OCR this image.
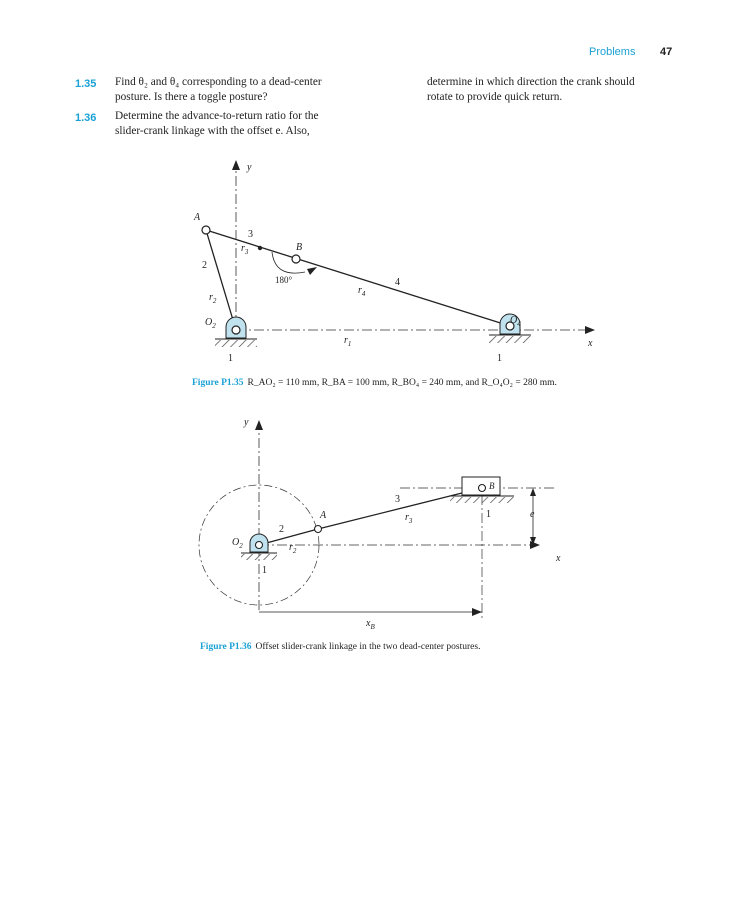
Problems 47
1.35 Find θ₂ and θ₄ corresponding to a dead-center
posture. Is there a toggle posture?
1.36 Determine the advance-to-return ratio for the
slider-crank linkage with the offset e. Also,
determine in which direction the crank should
rotate to provide quick return.
y
x
180°
A
B
$O_2$	$O_4$
2
3
4
$r_2$
$r_3$
$r_4$
$r_1$
1	1
Figure P1.35 R_AO₂ = 110 mm, R_BA = 100 mm, R_BO₄ = 240 mm, and R_O₄O₂ = 280 mm.
y
x
e
$x_B$
B
$O_2$
A
2
3
$r_2$
$r_3$
1
1
Figure P1.36 Offset slider-crank linkage in the two dead-center postures.
